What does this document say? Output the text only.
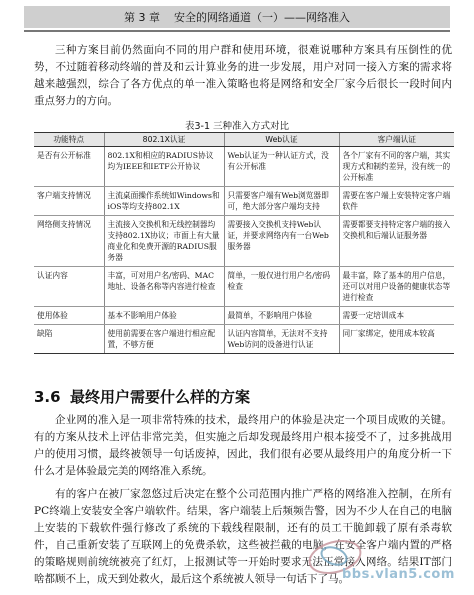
第 3 章 安全的网络通道（一）——网络准入

三种方案目前仍然面向不同的用户群和使用环境，很难说哪种方案具有压倒性的优势，不过随着移动终端的普及和云计算业务的进一步发展，用户对同一接入方案的需求将越来越强烈，综合了各方优点的单一准入策略也将是网络和安全厂家今后很长一段时间内重点努力的方向。

表3-1 三种准入方式对比
功能特点	802.1X认证	Web认证	客户端认证
是否有公开标准	802.1X和相应的RADIUS协议均为IEEE和IETF公开协议	Web认证为一种认证方式，没有公开标准	各个厂家有不同的客户端，其实现方式和制约差异，没有统一的公开标准
客户端支持情况	主流桌面操作系统如Windows和iOS等均支持802.1X	只需要客户端有Web浏览器即可，绝大部分客户端均支持	需要在客户端上安装特定客户端软件
网络侧支持情况	主流接入交换机和无线控制器均支持802.1X协议；市面上有大量商业化和免费开源的RADIUS服务器	需要接入交换机支持Web认证，并要求网络内有一台Web服务器	需要都要支持特定客户端的接入交换机和后端认证服务器
认证内容	丰富，可对用户名/密码、MAC地址、设备名称等内容进行检查	简单，一般仅进行用户名/密码检查	最丰富，除了基本的用户信息，还可以对用户设备的健康状态等进行检查
使用体验	基本不影响用户体验	最简单，不影响用户体验	需要一定培训成本
缺陷	使用前需要在客户端进行相应配置，不够方便	认证内容简单，无法对不支持Web访问的设备进行认证	同厂家绑定，使用成本较高
3.6 最终用户需要什么样的方案

企业网的准入是一项非常特殊的技术，最终用户的体验是决定一个项目成败的关键。有的方案从技术上评估非常完美，但实施之后却发现最终用户根本接受不了，过多挑战用户的使用习惯，最终被领导一句话废掉，因此，我们很有必要从最终用户的角度分析一下什么才是体验最完美的网络准入系统。

有的客户在被厂家忽悠过后决定在整个公司范围内推广严格的网络准入控制，在所有PC终端上安装安全客户端软件。结果，客户端装上后频频告警，因为不少人在自己的电脑上安装的下载软件强行修改了系统的下载线程限制，还有的员工干脆卸载了原有杀毒软件，自己重新安装了互联网上的免费杀软，这些被拦截的电脑，在安全客户端内置的严格的策略规则前统统被亮了红灯，上报测试等一开始时要求无法正常接入网络。结果IT部门啥都顾不上，成天到处救火，最后这个系统被人领导一句话下了马。

bbs.vlan5.com
